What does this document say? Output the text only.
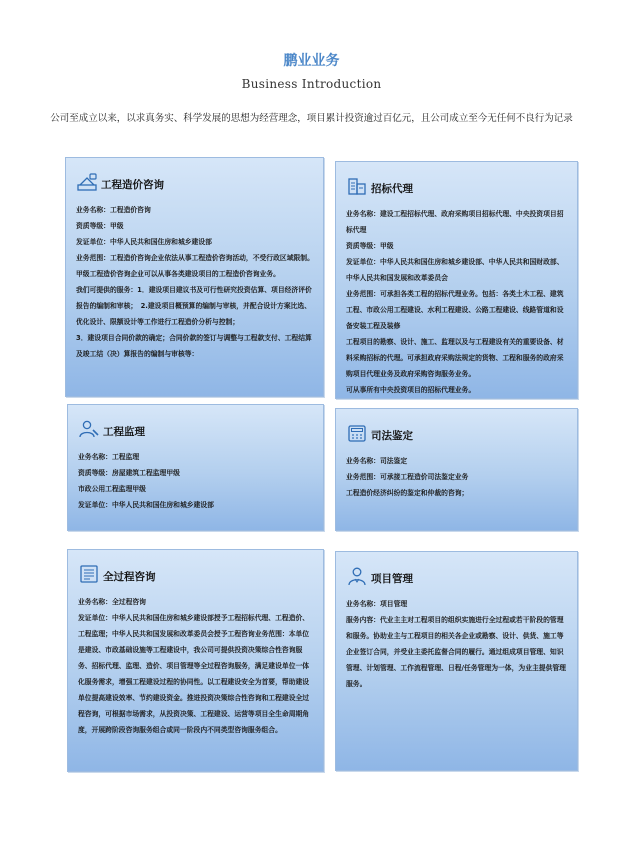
鹏业业务
Business Introduction
公司至成立以来，以求真务实、科学发展的思想为经营理念，项目累计投资逾过百亿元，且公司成立至今无任何不良行为记录
工程造价咨询

业务名称：工程造价咨询

资质等级：甲级

发证单位：中华人民共和国住房和城乡建设部

业务范围：工程造价咨询企业依法从事工程造价咨询活动，不受行政区域限制。甲级工程造价咨询企业可以从事各类建设项目的工程造价咨询业务。

我们可提供的服务：1．建设项目建议书及可行性研究投资估算、项目经济评价报告的编制和审核；　2.建设项目概预算的编制与审核，并配合设计方案比选、优化设计、限额设计等工作进行工程造价分析与控制；

3．建设项目合同价款的确定；合同价款的签订与调整与工程款支付、工程结算及竣工结（决）算报告的编制与审核等：

招标代理

业务名称：建设工程招标代理、政府采购项目招标代理、中央投资项目招标代理

资质等级：甲级

发证单位：中华人民共和国住房和城乡建设部、中华人民共和国财政部、中华人民共和国发展和改革委员会

业务范围：可承担各类工程的招标代理业务。包括：各类土木工程、建筑工程、市政公用工程建设、水利工程建设、公路工程建设、线路管道和设备安装工程及装修

工程项目的勘察、设计、施工、监理以及与工程建设有关的重要设备、材料采购招标的代理。可承担政府采购法规定的货物、工程和服务的政府采购项目代理业务及政府采购咨询服务业务。

可从事所有中央投资项目的招标代理业务。

工程监理

业务名称：工程监理

资质等级：房屋建筑工程监理甲级

市政公用工程监理甲级

发证单位：中华人民共和国住房和城乡建设部

司法鉴定

业务名称：司法鉴定

业务范围：可承接工程造价司法鉴定业务

工程造价经济纠纷的鉴定和仲裁的咨询；

全过程咨询

业务名称：全过程咨询

发证单位：中华人民共和国住房和城乡建设部授予工程招标代理、工程造价、工程监理；中华人民共和国发展和改革委员会授予工程咨询业务范围：本单位是建设、市政基础设施等工程建设中，我公司可提供投资决策综合性咨询服务、招标代理、监理、造价、项目管理等全过程咨询服务，满足建设单位一体化服务需求，增强工程建设过程的协同性。以工程建设安全为首要，帮助建设单位提高建设效率、节约建设资金。推进投资决策综合性咨询和工程建设全过程咨询，可根据市场需求，从投资决策、工程建设、运营等项目全生命周期角度，开展跨阶段咨询服务组合或同一阶段内不同类型咨询服务组合。

项目管理

业务名称：项目管理

服务内容：代业主主对工程项目的组织实施进行全过程或若干阶段的管理和服务。协助业主与工程项目的相关各企业或勘察、设计、供货、施工等企业签订合同，并受业主委托监督合同的履行。通过组成项目管理、知识管理、计划管理、工作流程管理、日程/任务管理为一体，为业主提供管理服务。
